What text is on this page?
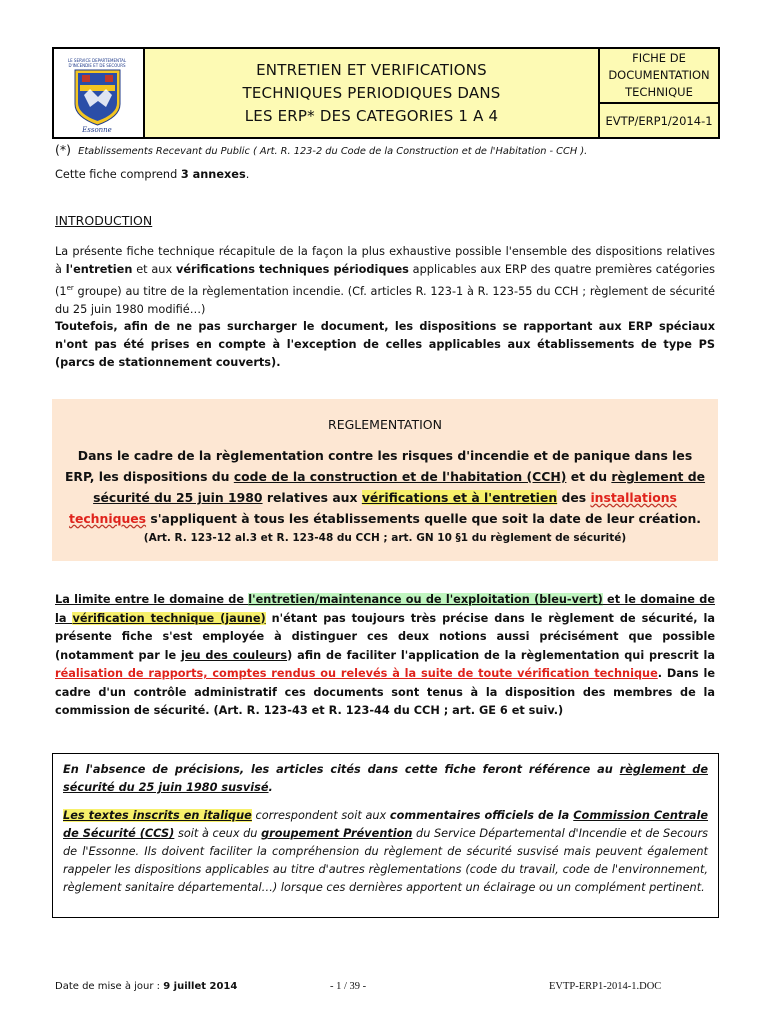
LE SERVICE DEPARTEMENTAL
D'INCENDIE ET DE SECOURS
Essonne
ENTRETIEN ET VERIFICATIONS
TECHNIQUES PERIODIQUES DANS
LES ERP* DES CATEGORIES 1 A 4
FICHE DE
DOCUMENTATION
TECHNIQUE
EVTP/ERP1/2014-1
(*) Etablissements Recevant du Public ( Art. R. 123-2 du Code de la Construction et de l'Habitation - CCH ).
Cette fiche comprend 3 annexes.
INTRODUCTION
La présente fiche technique récapitule de la façon la plus exhaustive possible l'ensemble des dispositions relatives à l'entretien et aux vérifications techniques périodiques applicables aux ERP des quatre premières catégories (1er groupe) au titre de la règlementation incendie. (Cf. articles R. 123-1 à R. 123-55 du CCH ; règlement de sécurité du 25 juin 1980 modifié…)
Toutefois, afin de ne pas surcharger le document, les dispositions se rapportant aux ERP spéciaux n'ont pas été prises en compte à l'exception de celles applicables aux établissements de type PS (parcs de stationnement couverts).
REGLEMENTATION
Dans le cadre de la règlementation contre les risques d'incendie et de panique dans les ERP, les dispositions du code de la construction et de l'habitation (CCH) et du règlement de sécurité du 25 juin 1980 relatives aux vérifications et à l'entretien des installations techniques s'appliquent à tous les établissements quelle que soit la date de leur création.
(Art. R. 123-12 al.3 et R. 123-48 du CCH ; art. GN 10 §1 du règlement de sécurité)
La limite entre le domaine de l'entretien/maintenance ou de l'exploitation (bleu-vert) et le domaine de la vérification technique (jaune) n'étant pas toujours très précise dans le règlement de sécurité, la présente fiche s'est employée à distinguer ces deux notions aussi précisément que possible (notamment par le jeu des couleurs) afin de faciliter l'application de la règlementation qui prescrit la réalisation de rapports, comptes rendus ou relevés à la suite de toute vérification technique. Dans le cadre d'un contrôle administratif ces documents sont tenus à la disposition des membres de la commission de sécurité. (Art. R. 123-43 et R. 123-44 du CCH ; art. GE 6 et suiv.)
En l'absence de précisions, les articles cités dans cette fiche feront référence au règlement de sécurité du 25 juin 1980 susvisé.
Les textes inscrits en italique correspondent soit aux commentaires officiels de la Commission Centrale de Sécurité (CCS) soit à ceux du groupement Prévention du Service Départemental d'Incendie et de Secours de l'Essonne. Ils doivent faciliter la compréhension du règlement de sécurité susvisé mais peuvent également rappeler les dispositions applicables au titre d'autres règlementations (code du travail, code de l'environnement, règlement sanitaire départemental…) lorsque ces dernières apportent un éclairage ou un complément pertinent.
Date de mise à jour : 9 juillet 2014	- 1 / 39 -	EVTP-ERP1-2014-1.DOC
